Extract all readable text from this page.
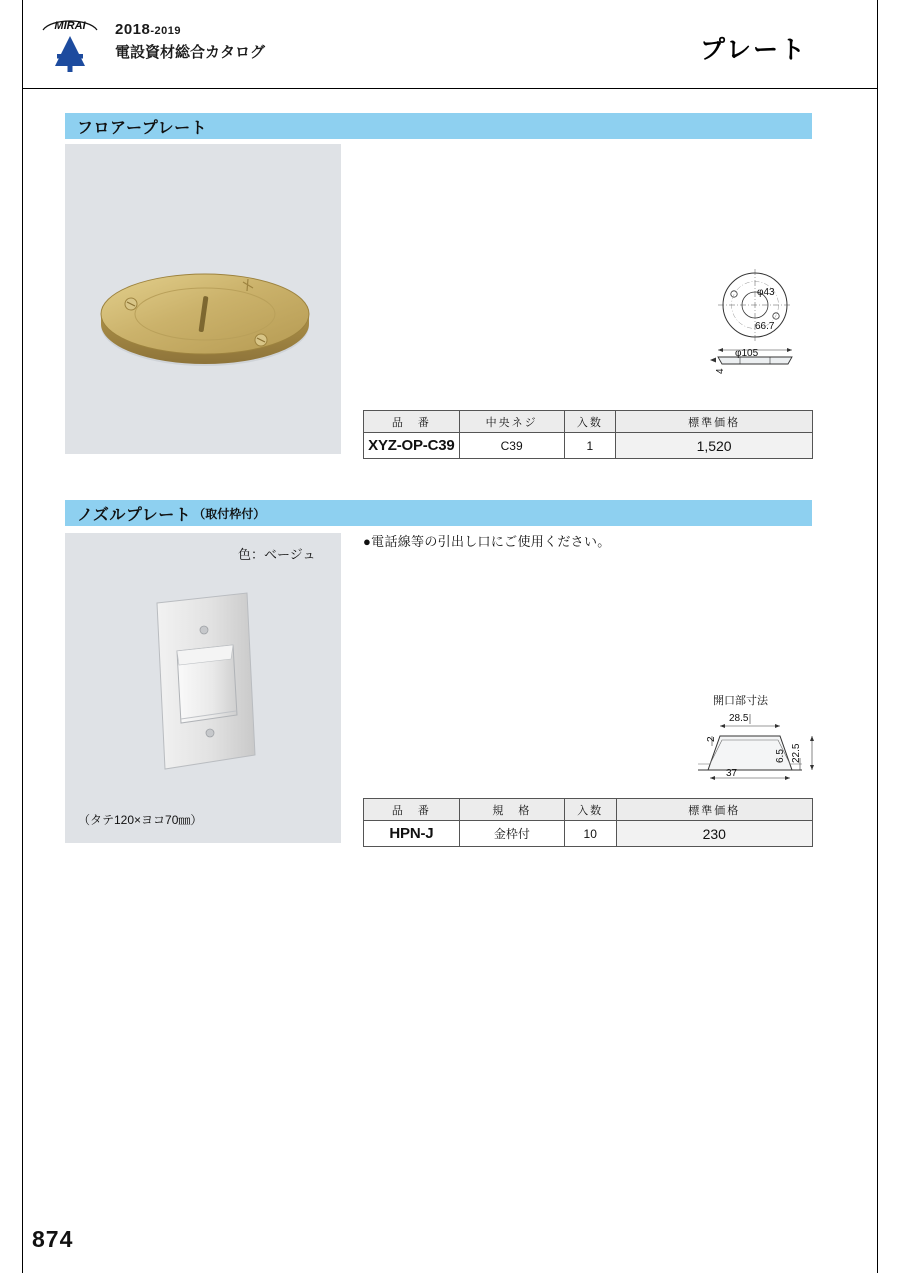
MIRAI 2018-2019
電設資材総合カタログ	プレート
フロアープレート
φ43
66.7
φ105
4
品　番	中央ネジ	入数	標準価格
XYZ-OP-C39	C39	1	1,520
ノズルプレート （取付枠付）
色：ベージュ
（タテ120×ヨコ70㎜）
●電話線等の引出し口にご使用ください。
開口部寸法
28.5
2
37
22.5
6.5
品　番	規　格	入数	標準価格
HPN-J	金枠付	10	230
874
